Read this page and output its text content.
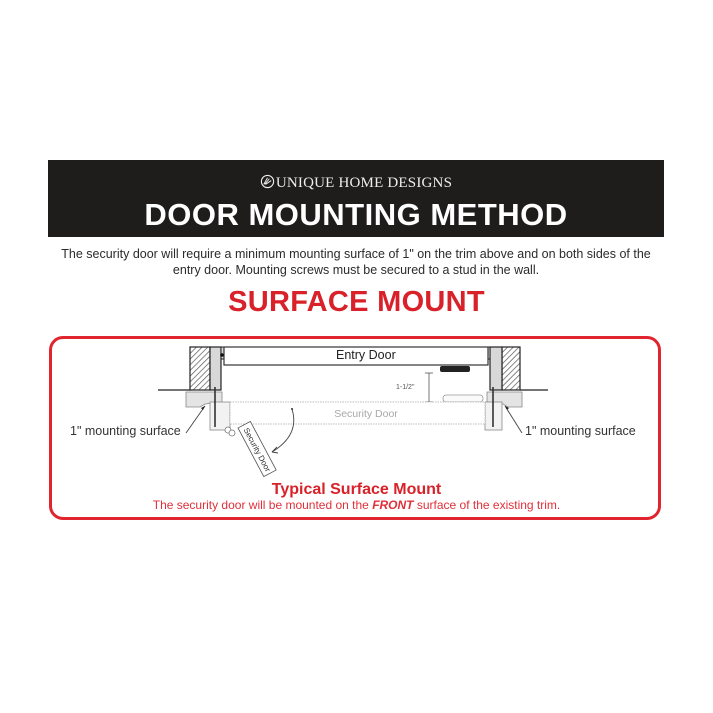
UNIQUE HOME DESIGNS
DOOR MOUNTING METHOD
The security door will require a minimum mounting surface of 1" on the trim above and on both sides of the entry door. Mounting screws must be secured to a stud in the wall.
SURFACE MOUNT
1-1/2"
Security Door
Security Door
Entry Door
1" mounting surface	1" mounting surface
Typical Surface Mount
The security door will be mounted on the FRONT surface of the existing trim.
